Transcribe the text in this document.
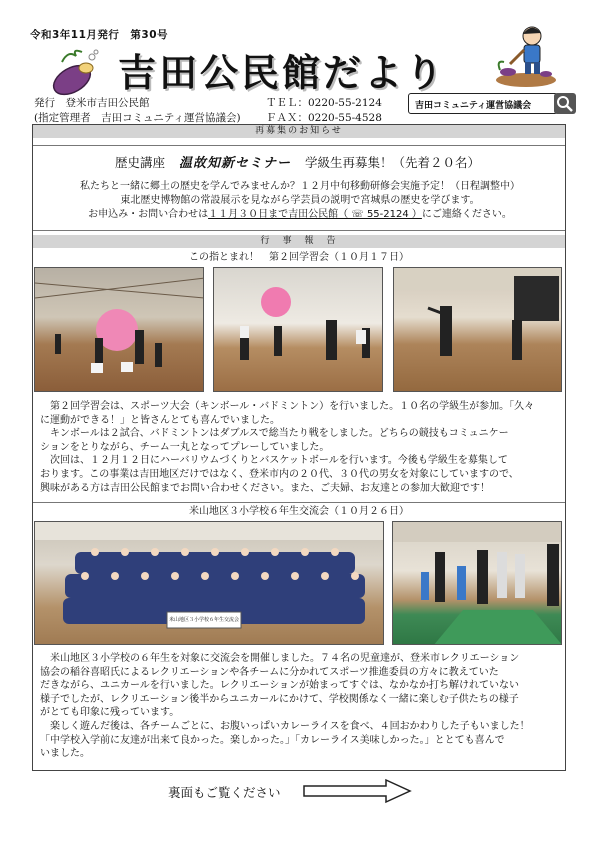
令和3年11月発行　第30号
吉田公民館だより
発行　登米市吉田公民館
(指定管理者　吉田コミュニティ運営協議会)
ＴＥＬ：0220-55-2124
ＦＡＸ：0220-55-4528
吉田コミュニティ運営協議会
再募集のお知らせ
歴史講座 温故知新セミナー 学級生再募集！（先着２０名）
私たちと一緒に郷土の歴史を学んでみませんか？１２月中旬移動研修会実施予定！（日程調整中）
東北歴史博物館の常設展示を見ながら学芸員の説明で宮城県の歴史を学びます。
お申込み・お問い合わせは１１月３０日まで吉田公民館（ ☏ 55-2124 ）にご連絡ください。
行　事　報　告
この指とまれ！　第２回学習会（１０月１７日）
　第２回学習会は、スポーツ大会（キンボール・バドミントン）を行いました。１０名の学級生が参加。「久々
に運動ができる！」と皆さんとても喜んでいました。
　キンボールは２試合、バドミントンはダブルスで総当たり戦をしました。どちらの競技もコミュニケー
ションをとりながら、チーム一丸となってプレーしていました。
　次回は、１２月１２日にハーバリウムづくりとバスケットボールを行います。今後も学級生を募集して
おります。この事業は吉田地区だけではなく、登米市内の２０代、３０代の男女を対象にしていますので、
興味がある方は吉田公民館までお問い合わせください。また、ご夫婦、お友達との参加大歓迎です！
米山地区３小学校６年生交流会（１０月２６日）
米山地区３小学校６年生交流会
　米山地区３小学校の６年生を対象に交流会を開催しました。７４名の児童達が、登米市レクリエーション
協会の稲谷喜昭氏によるレクリエーションや各チームに分かれてスポーツ推進委員の方々に教えていた
だきながら、ユニカールを行いました。レクリエーションが始まってすぐは、なかなか打ち解けれていない
様子でしたが、レクリエーション後半からユニカールにかけて、学校関係なく一緒に楽しむ子供たちの様子
がとても印象に残っています。
　楽しく遊んだ後は、各チームごとに、お腹いっぱいカレーライスを食べ、４回おかわりした子もいました！
「中学校入学前に友達が出来て良かった。楽しかった。」「カレーライス美味しかった。」ととても喜んで
いました。
裏面もご覧ください
